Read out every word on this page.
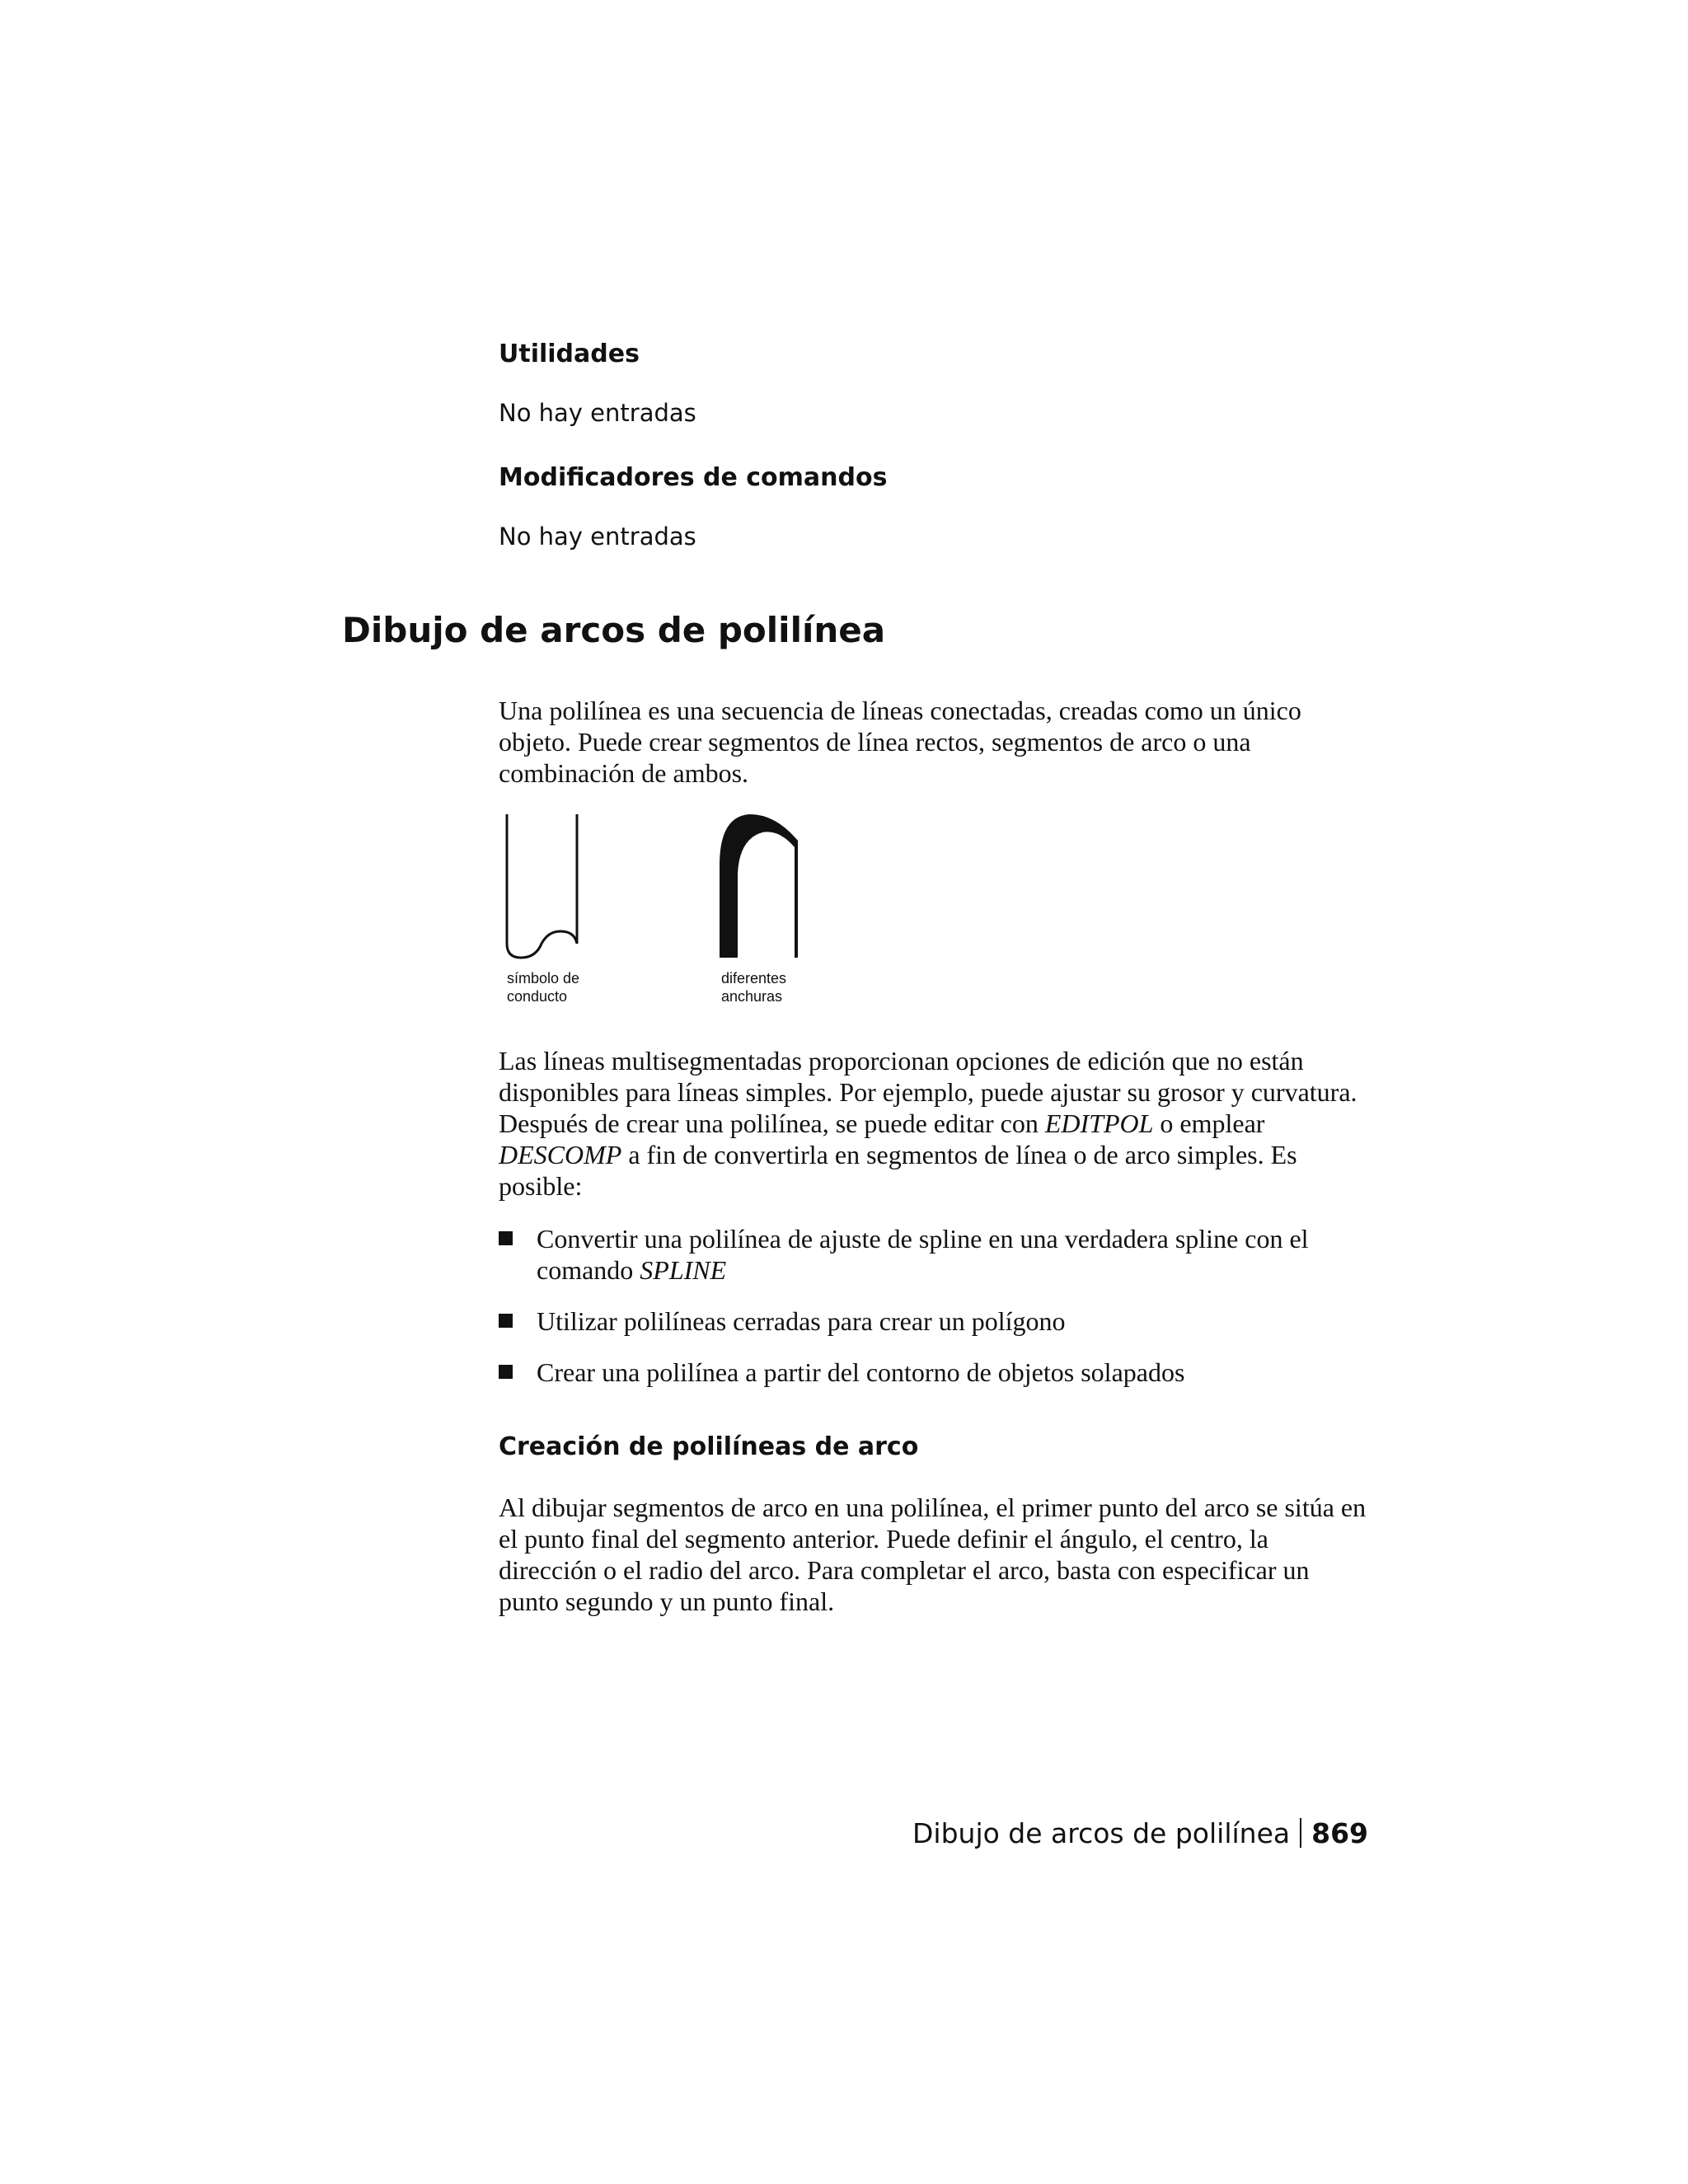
Utilidades

No hay entradas

Modificadores de comandos

No hay entradas

Dibujo de arcos de polilínea

Una polilínea es una secuencia de líneas conectadas, creadas como un único objeto. Puede crear segmentos de línea rectos, segmentos de arco o una combinación de ambos.

símbolo de
conducto
diferentes
anchuras

Las líneas multisegmentadas proporcionan opciones de edición que no están disponibles para líneas simples. Por ejemplo, puede ajustar su grosor y curvatura. Después de crear una polilínea, se puede editar con EDITPOL o emplear DESCOMP a fin de convertirla en segmentos de línea o de arco simples. Es posible:

Convertir una polilínea de ajuste de spline en una verdadera spline con el comando SPLINE
Utilizar polilíneas cerradas para crear un polígono
Crear una polilínea a partir del contorno de objetos solapados
Creación de polilíneas de arco

Al dibujar segmentos de arco en una polilínea, el primer punto del arco se sitúa en el punto final del segmento anterior. Puede definir el ángulo, el centro, la dirección o el radio del arco. Para completar el arco, basta con especificar un punto segundo y un punto final.

Dibujo de arcos de polilínea 869
